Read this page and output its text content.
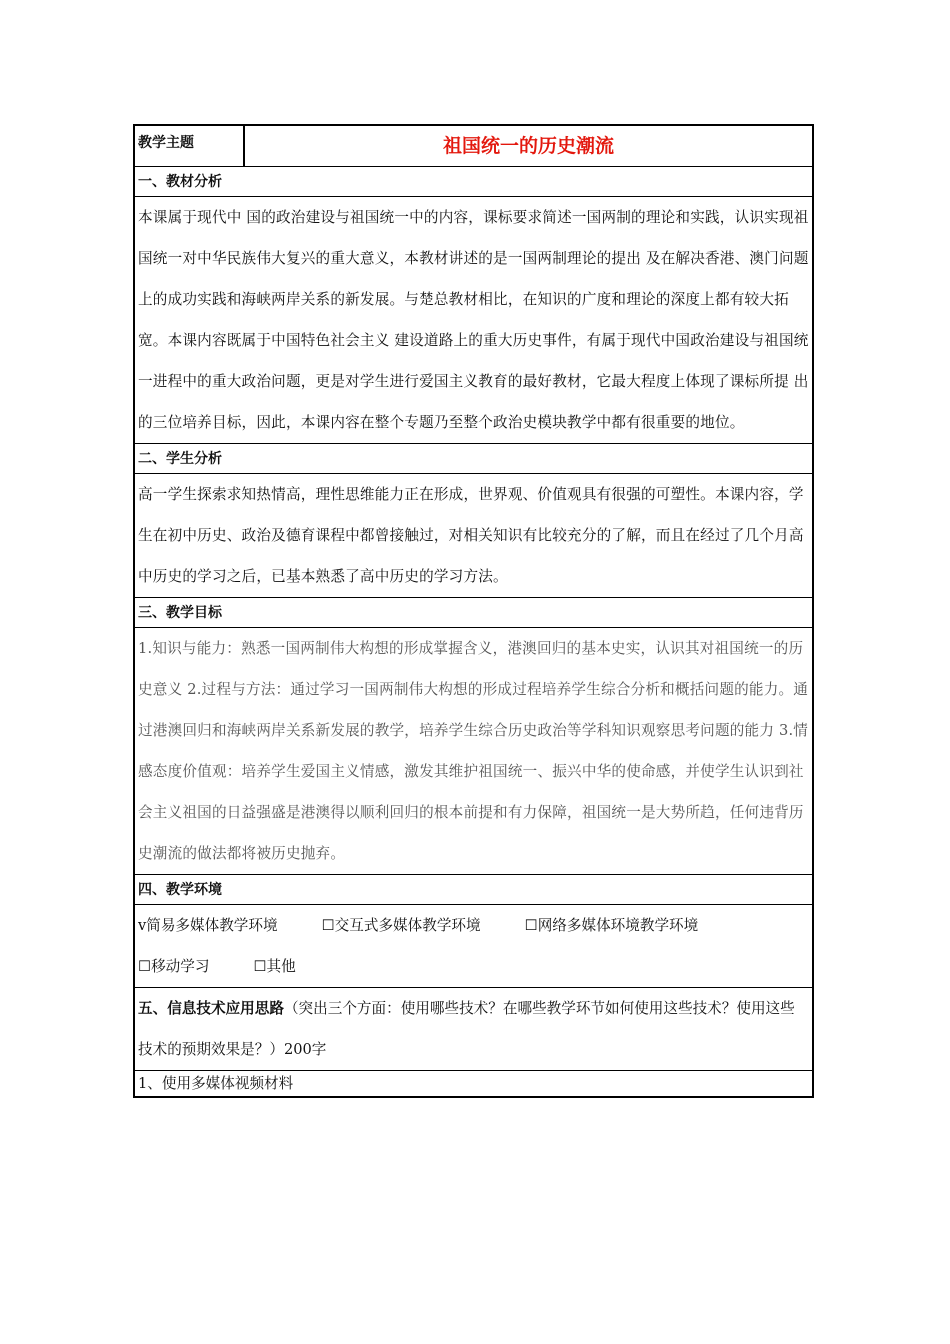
教学主题	祖国统一的历史潮流
一、教材分析
本课属于现代中 国的政治建设与祖国统一中的内容，课标要求简述一国两制的理论和实践，认识实现祖国统一对中华民族伟大复兴的重大意义，本教材讲述的是一国两制理论的提出 及在解决香港、澳门问题上的成功实践和海峡两岸关系的新发展。与楚总教材相比，在知识的广度和理论的深度上都有较大拓宽。本课内容既属于中国特色社会主义 建设道路上的重大历史事件，有属于现代中国政治建设与祖国统一进程中的重大政治问题，更是对学生进行爱国主义教育的最好教材，它最大程度上体现了课标所提 出的三位培养目标，因此，本课内容在整个专题乃至整个政治史模块教学中都有很重要的地位。
二、学生分析
高一学生探索求知热情高，理性思维能力正在形成，世界观、价值观具有很强的可塑性。本课内容，学生在初中历史、政治及德育课程中都曾接触过，对相关知识有比较充分的了解，而且在经过了几个月高中历史的学习之后，已基本熟悉了高中历史的学习方法。
三、教学目标
1.知识与能力：熟悉一国两制伟大构想的形成掌握含义，港澳回归的基本史实，认识其对祖国统一的历史意义 2.过程与方法：通过学习一国两制伟大构想的形成过程培养学生综合分析和概括问题的能力。通过港澳回归和海峡两岸关系新发展的教学，培养学生综合历史政治等学科知识观察思考问题的能力 3.情感态度价值观：培养学生爱国主义情感，激发其维护祖国统一、振兴中华的使命感，并使学生认识到社会主义祖国的日益强盛是港澳得以顺利回归的根本前提和有力保障，祖国统一是大势所趋，任何违背历史潮流的做法都将被历史抛弃。
四、教学环境
v简易多媒体教学环境	☐交互式多媒体教学环境	☐网络多媒体环境教学环境
☐移动学习	☐其他
五、信息技术应用思路（突出三个方面：使用哪些技术？在哪些教学环节如何使用这些技术？使用这些技术的预期效果是？）200字
1、使用多媒体视频材料
